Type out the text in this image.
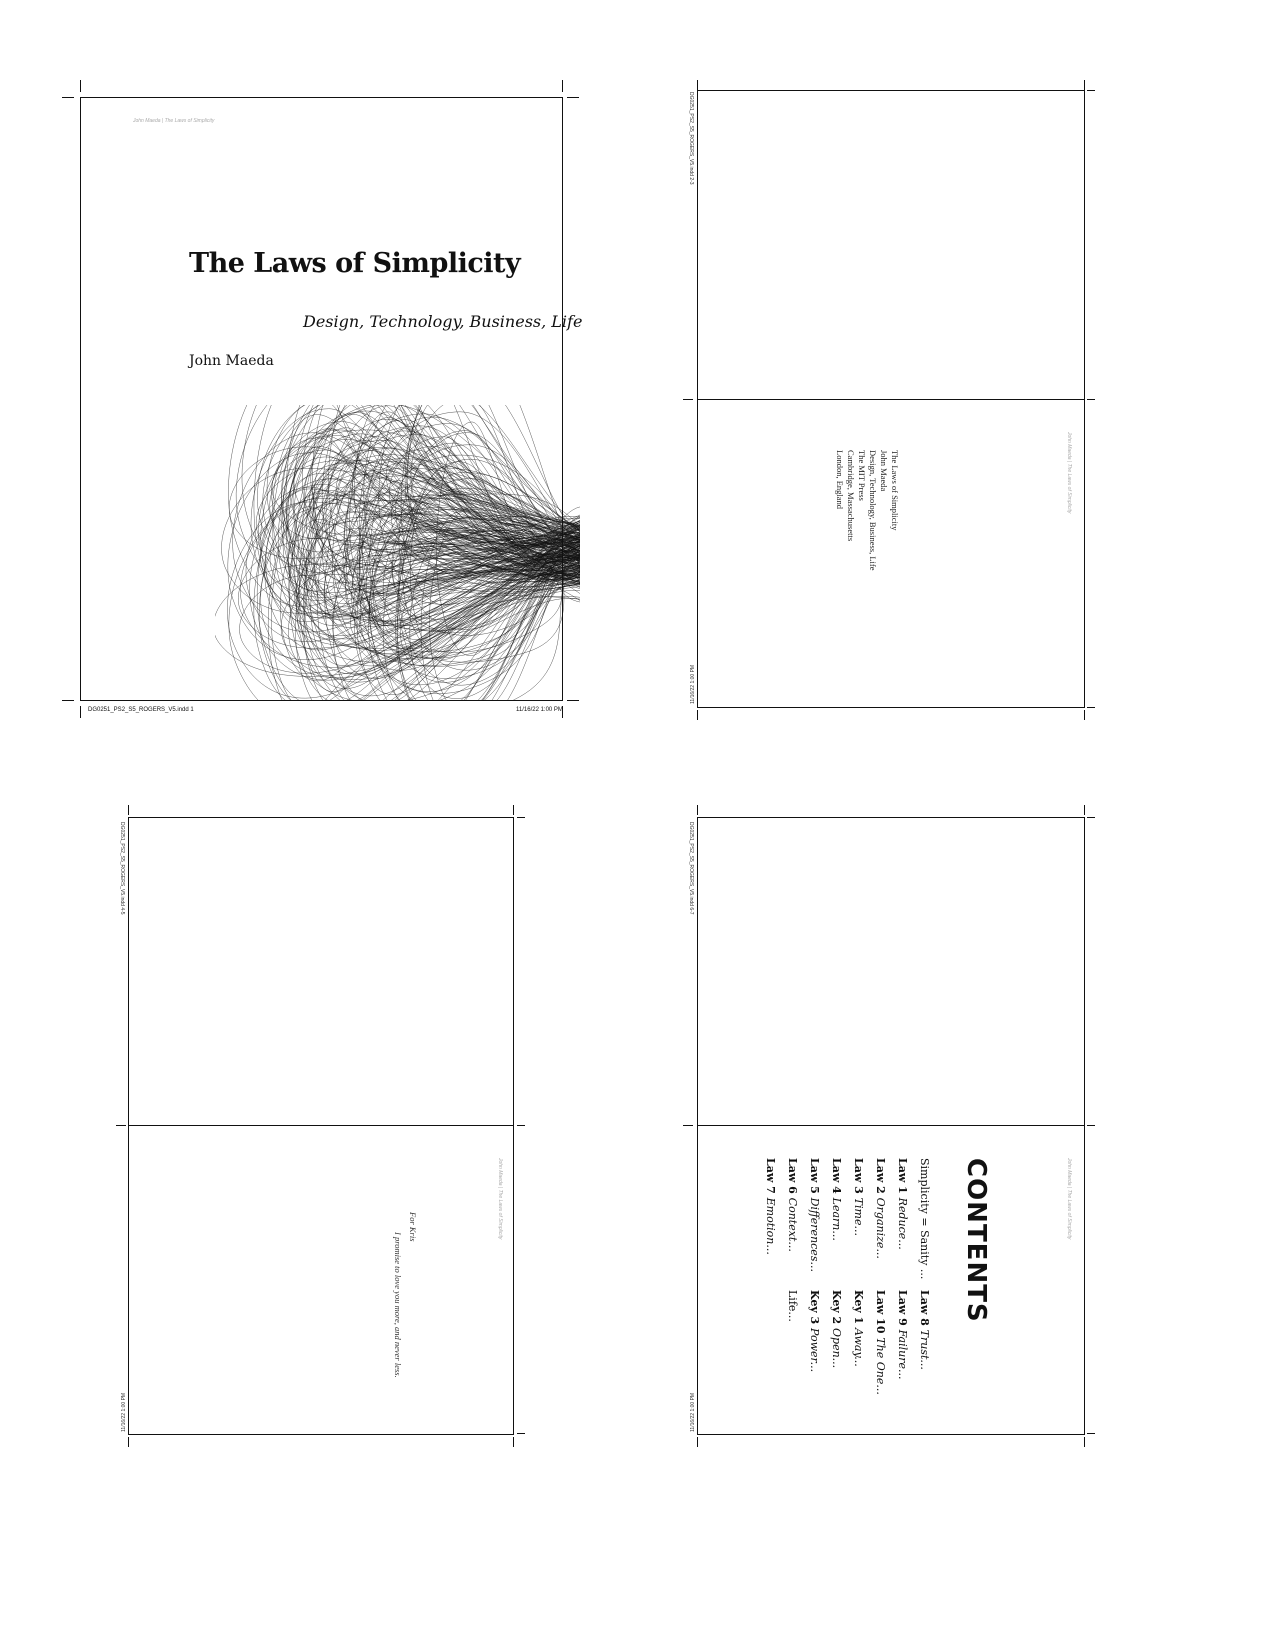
John Maeda | The Laws of Simplicity
The Laws of Simplicity
Design, Technology, Business, Life
John Maeda
DG0251_PS2_S5_ROGERS_V5.indd 1	11/16/22 1:00 PM
DG0251_PS2_S5_ROGERS_V5.indd 2-3
John Maeda | The Laws of Simplicity
The Laws of Simplicity
John Maeda
Design, Technology, Business, Life
The MIT Press
Cambridge, Massachusetts
London, England
11/16/22 1:00 PM
DG0251_PS2_S5_ROGERS_V5.indd 4-5
John Maeda | The Laws of Simplicity
For Kris
I promise to love you more, and never less.
11/16/22 1:00 PM
DG0251_PS2_S5_ROGERS_V5.indd 6-7
John Maeda | The Laws of Simplicity
CONTENTS
Simplicity = Sanity ...
Law 1 Reduce...
Law 2 Organize...
Law 3 Time...
Law 4 Learn...
Law 5 Differences...
Law 6 Context...
Law 7 Emotion...
Law 8 Trust...
Law 9 Failure...
Law 10 The One...
Key 1 Away...
Key 2 Open...
Key 3 Power...
Life...
11/16/22 1:00 PM
